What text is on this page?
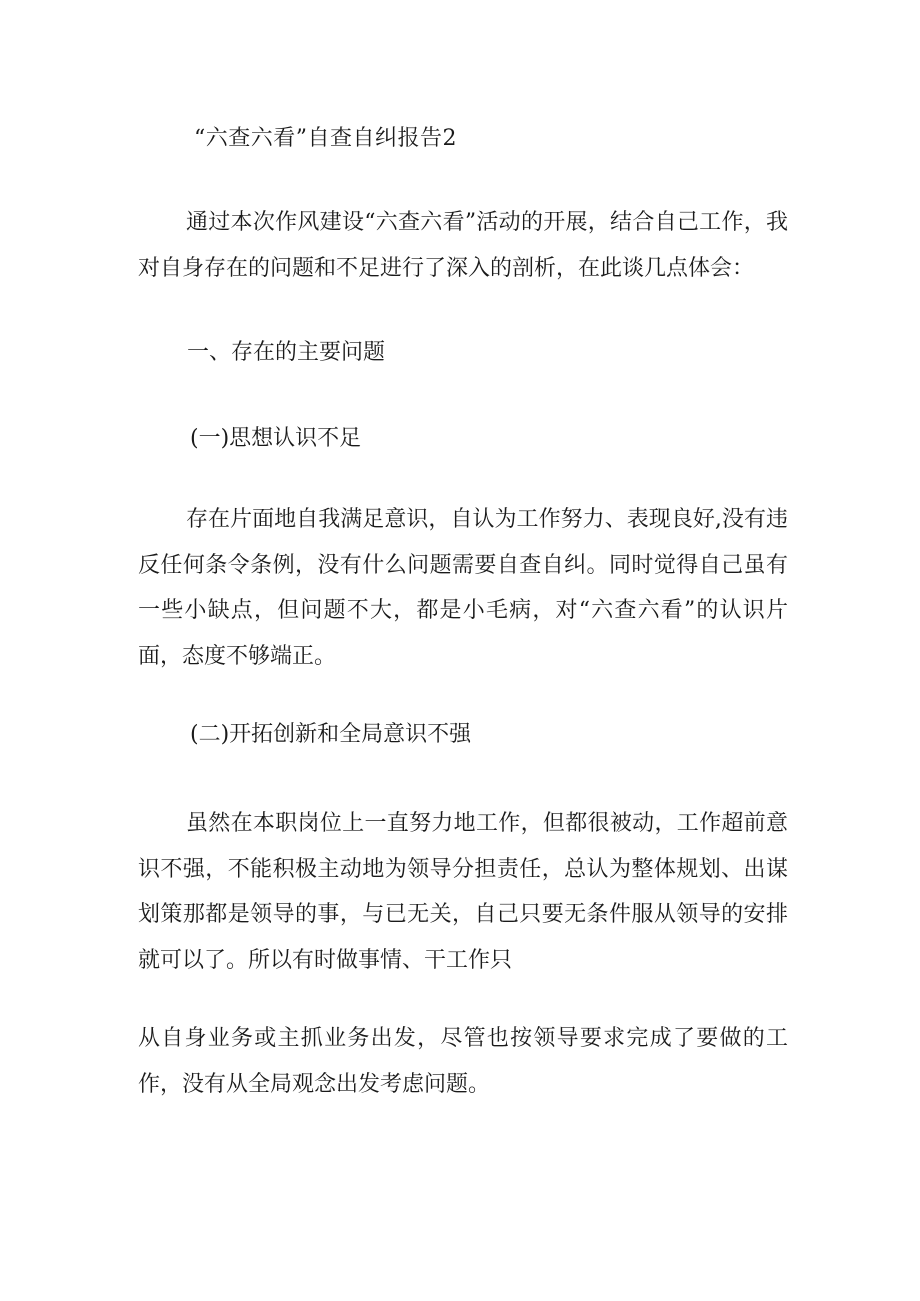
“六查六看”自查自纠报告2

通过本次作风建设“六查六看”活动的开展，结合自己工作，我对自身存在的问题和不足进行了深入的剖析，在此谈几点体会：

一、存在的主要问题
(一)思想认识不足

存在片面地自我满足意识，自认为工作努力、表现良好,没有违反任何条令条例，没有什么问题需要自查自纠。同时觉得自己虽有一些小缺点，但问题不大，都是小毛病，对“六查六看”的认识片面，态度不够端正。

(二)开拓创新和全局意识不强

虽然在本职岗位上一直努力地工作，但都很被动，工作超前意识不强，不能积极主动地为领导分担责任，总认为整体规划、出谋划策那都是领导的事，与已无关，自己只要无条件服从领导的安排就可以了。所以有时做事情、干工作只

从自身业务或主抓业务出发，尽管也按领导要求完成了要做的工作，没有从全局观念出发考虑问题。
